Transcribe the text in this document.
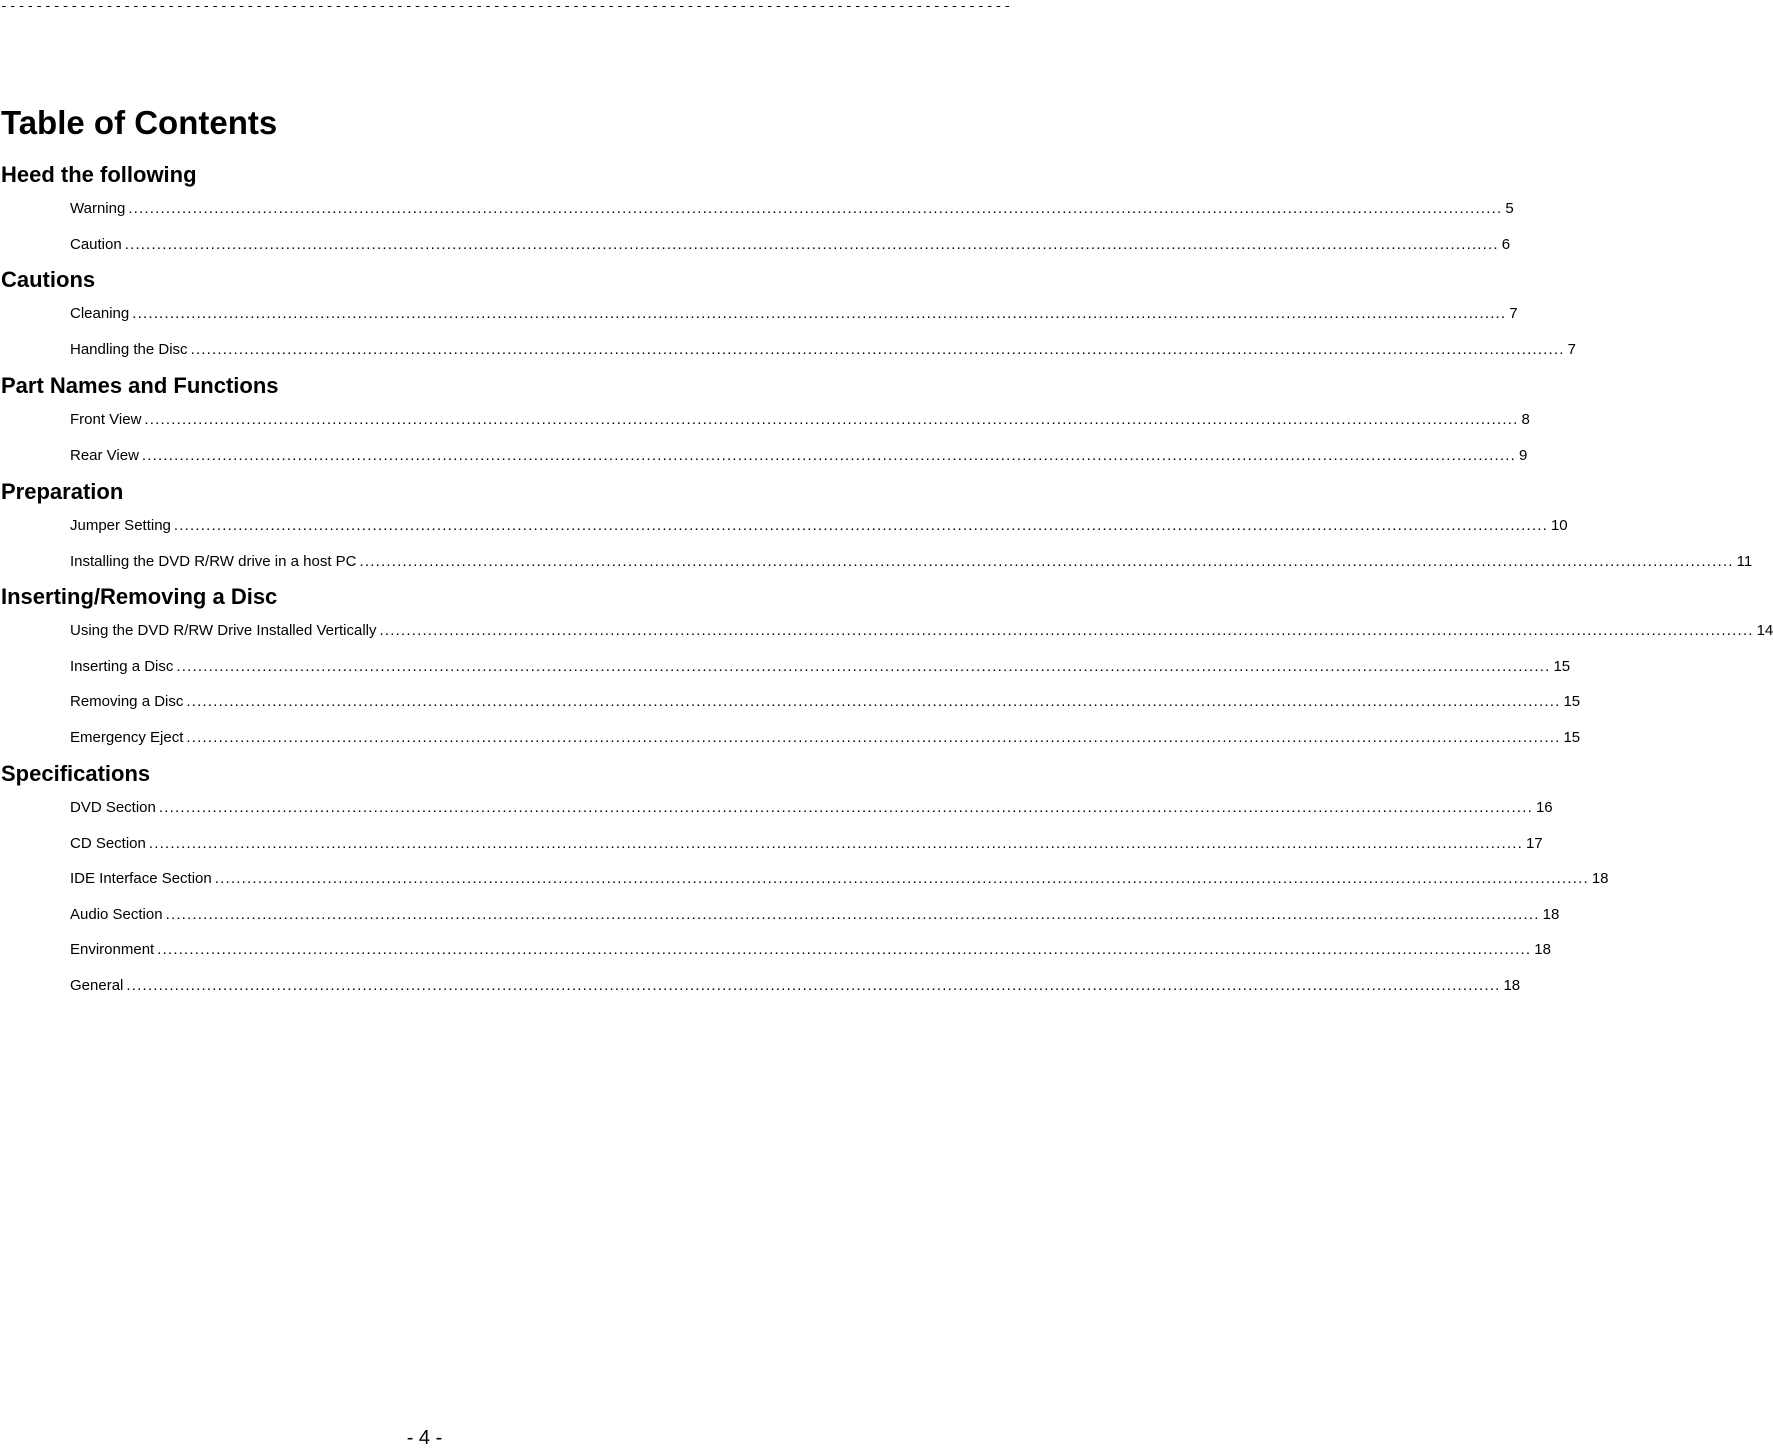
-------------------------------------------------------------------------------------------------------------------
Table of Contents
Heed the following
Warning .....	5
Caution .....	6
Cautions
Cleaning .....	7
Handling the Disc .....	7
Part Names and Functions
Front View .....	8
Rear View .....	9
Preparation
Jumper Setting .....	10
Installing the DVD R/RW drive in a host PC .....	11
Inserting/Removing a Disc
Using the DVD R/RW Drive Installed Vertically .....	14
Inserting a Disc .....	15
Removing a Disc .....	15
Emergency Eject .....	15
Specifications
DVD Section .....	16
CD Section .....	17
IDE Interface Section .....	18
Audio Section .....	18
Environment .....	18
General .....	18
- 4 -
